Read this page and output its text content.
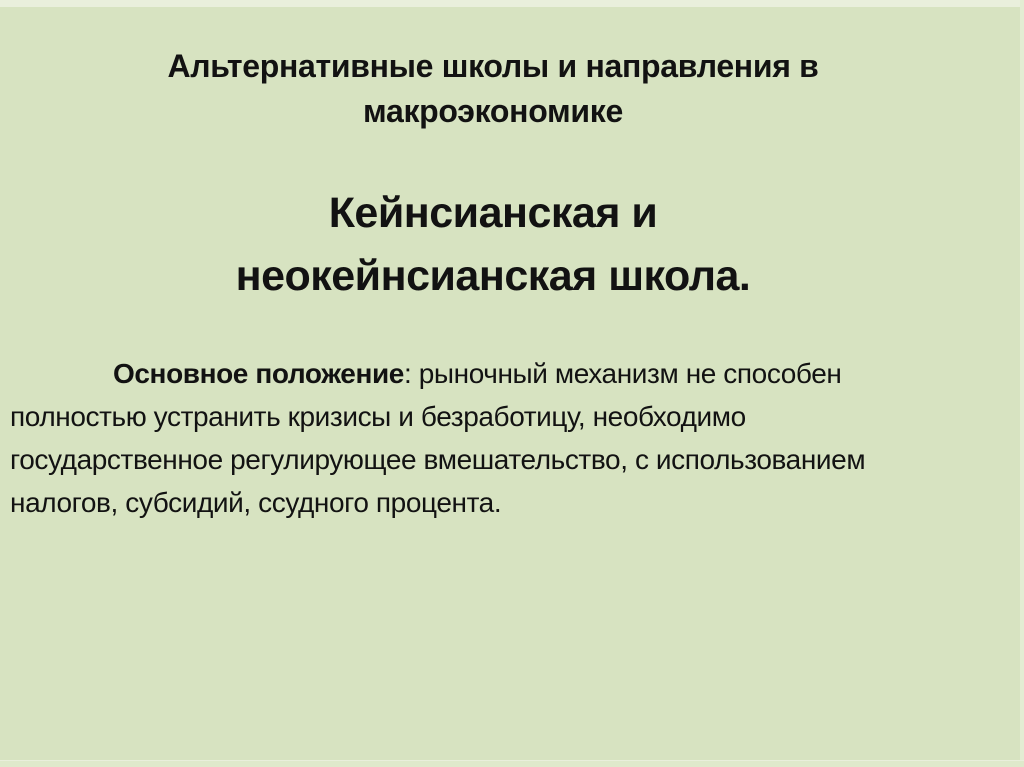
Альтернативные школы и направления в
макроэкономике
Кейнсианская и
неокейнсианская школа.
Основное положение: рыночный механизм не способен
полностью устранить кризисы и безработицу, необходимо
государственное регулирующее вмешательство, с использованием
налогов, субсидий, ссудного процента.
